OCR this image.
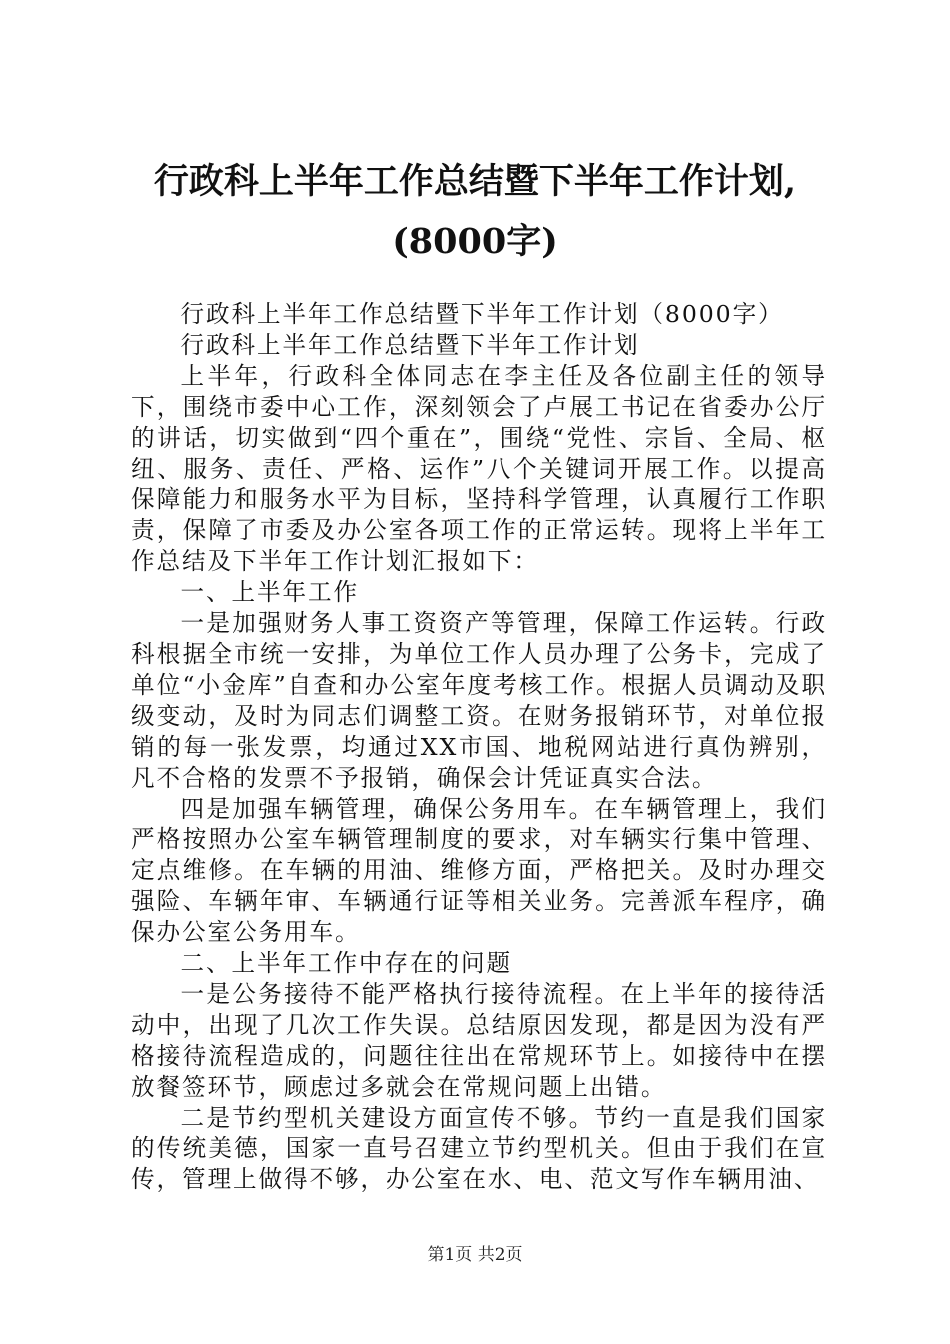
行政科上半年工作总结暨下半年工作计划,
(8000字)

行政科上半年工作总结暨下半年工作计划（8000字）

行政科上半年工作总结暨下半年工作计划

上半年，行政科全体同志在李主任及各位副主任的领导下，围绕市委中心工作，深刻领会了卢展工书记在省委办公厅的讲话，切实做到“四个重在”，围绕“党性、宗旨、全局、枢纽、服务、责任、严格、运作”八个关键词开展工作。以提高保障能力和服务水平为目标，坚持科学管理，认真履行工作职责，保障了市委及办公室各项工作的正常运转。现将上半年工作总结及下半年工作计划汇报如下：

一、上半年工作

一是加强财务人事工资资产等管理，保障工作运转。行政科根据全市统一安排，为单位工作人员办理了公务卡，完成了单位“小金库”自查和办公室年度考核工作。根据人员调动及职级变动，及时为同志们调整工资。在财务报销环节，对单位报销的每一张发票，均通过XX市国、地税网站进行真伪辨别，凡不合格的发票不予报销，确保会计凭证真实合法。

四是加强车辆管理，确保公务用车。在车辆管理上，我们严格按照办公室车辆管理制度的要求，对车辆实行集中管理、定点维修。在车辆的用油、维修方面，严格把关。及时办理交强险、车辆年审、车辆通行证等相关业务。完善派车程序，确保办公室公务用车。

二、上半年工作中存在的问题

一是公务接待不能严格执行接待流程。在上半年的接待活动中，出现了几次工作失误。总结原因发现，都是因为没有严格接待流程造成的，问题往往出在常规环节上。如接待中在摆放餐签环节，顾虑过多就会在常规问题上出错。

二是节约型机关建设方面宣传不够。节约一直是我们国家的传统美德，国家一直号召建立节约型机关。但由于我们在宣传，管理上做得不够，办公室在水、电、范文写作车辆用油、

第1页 共2页
